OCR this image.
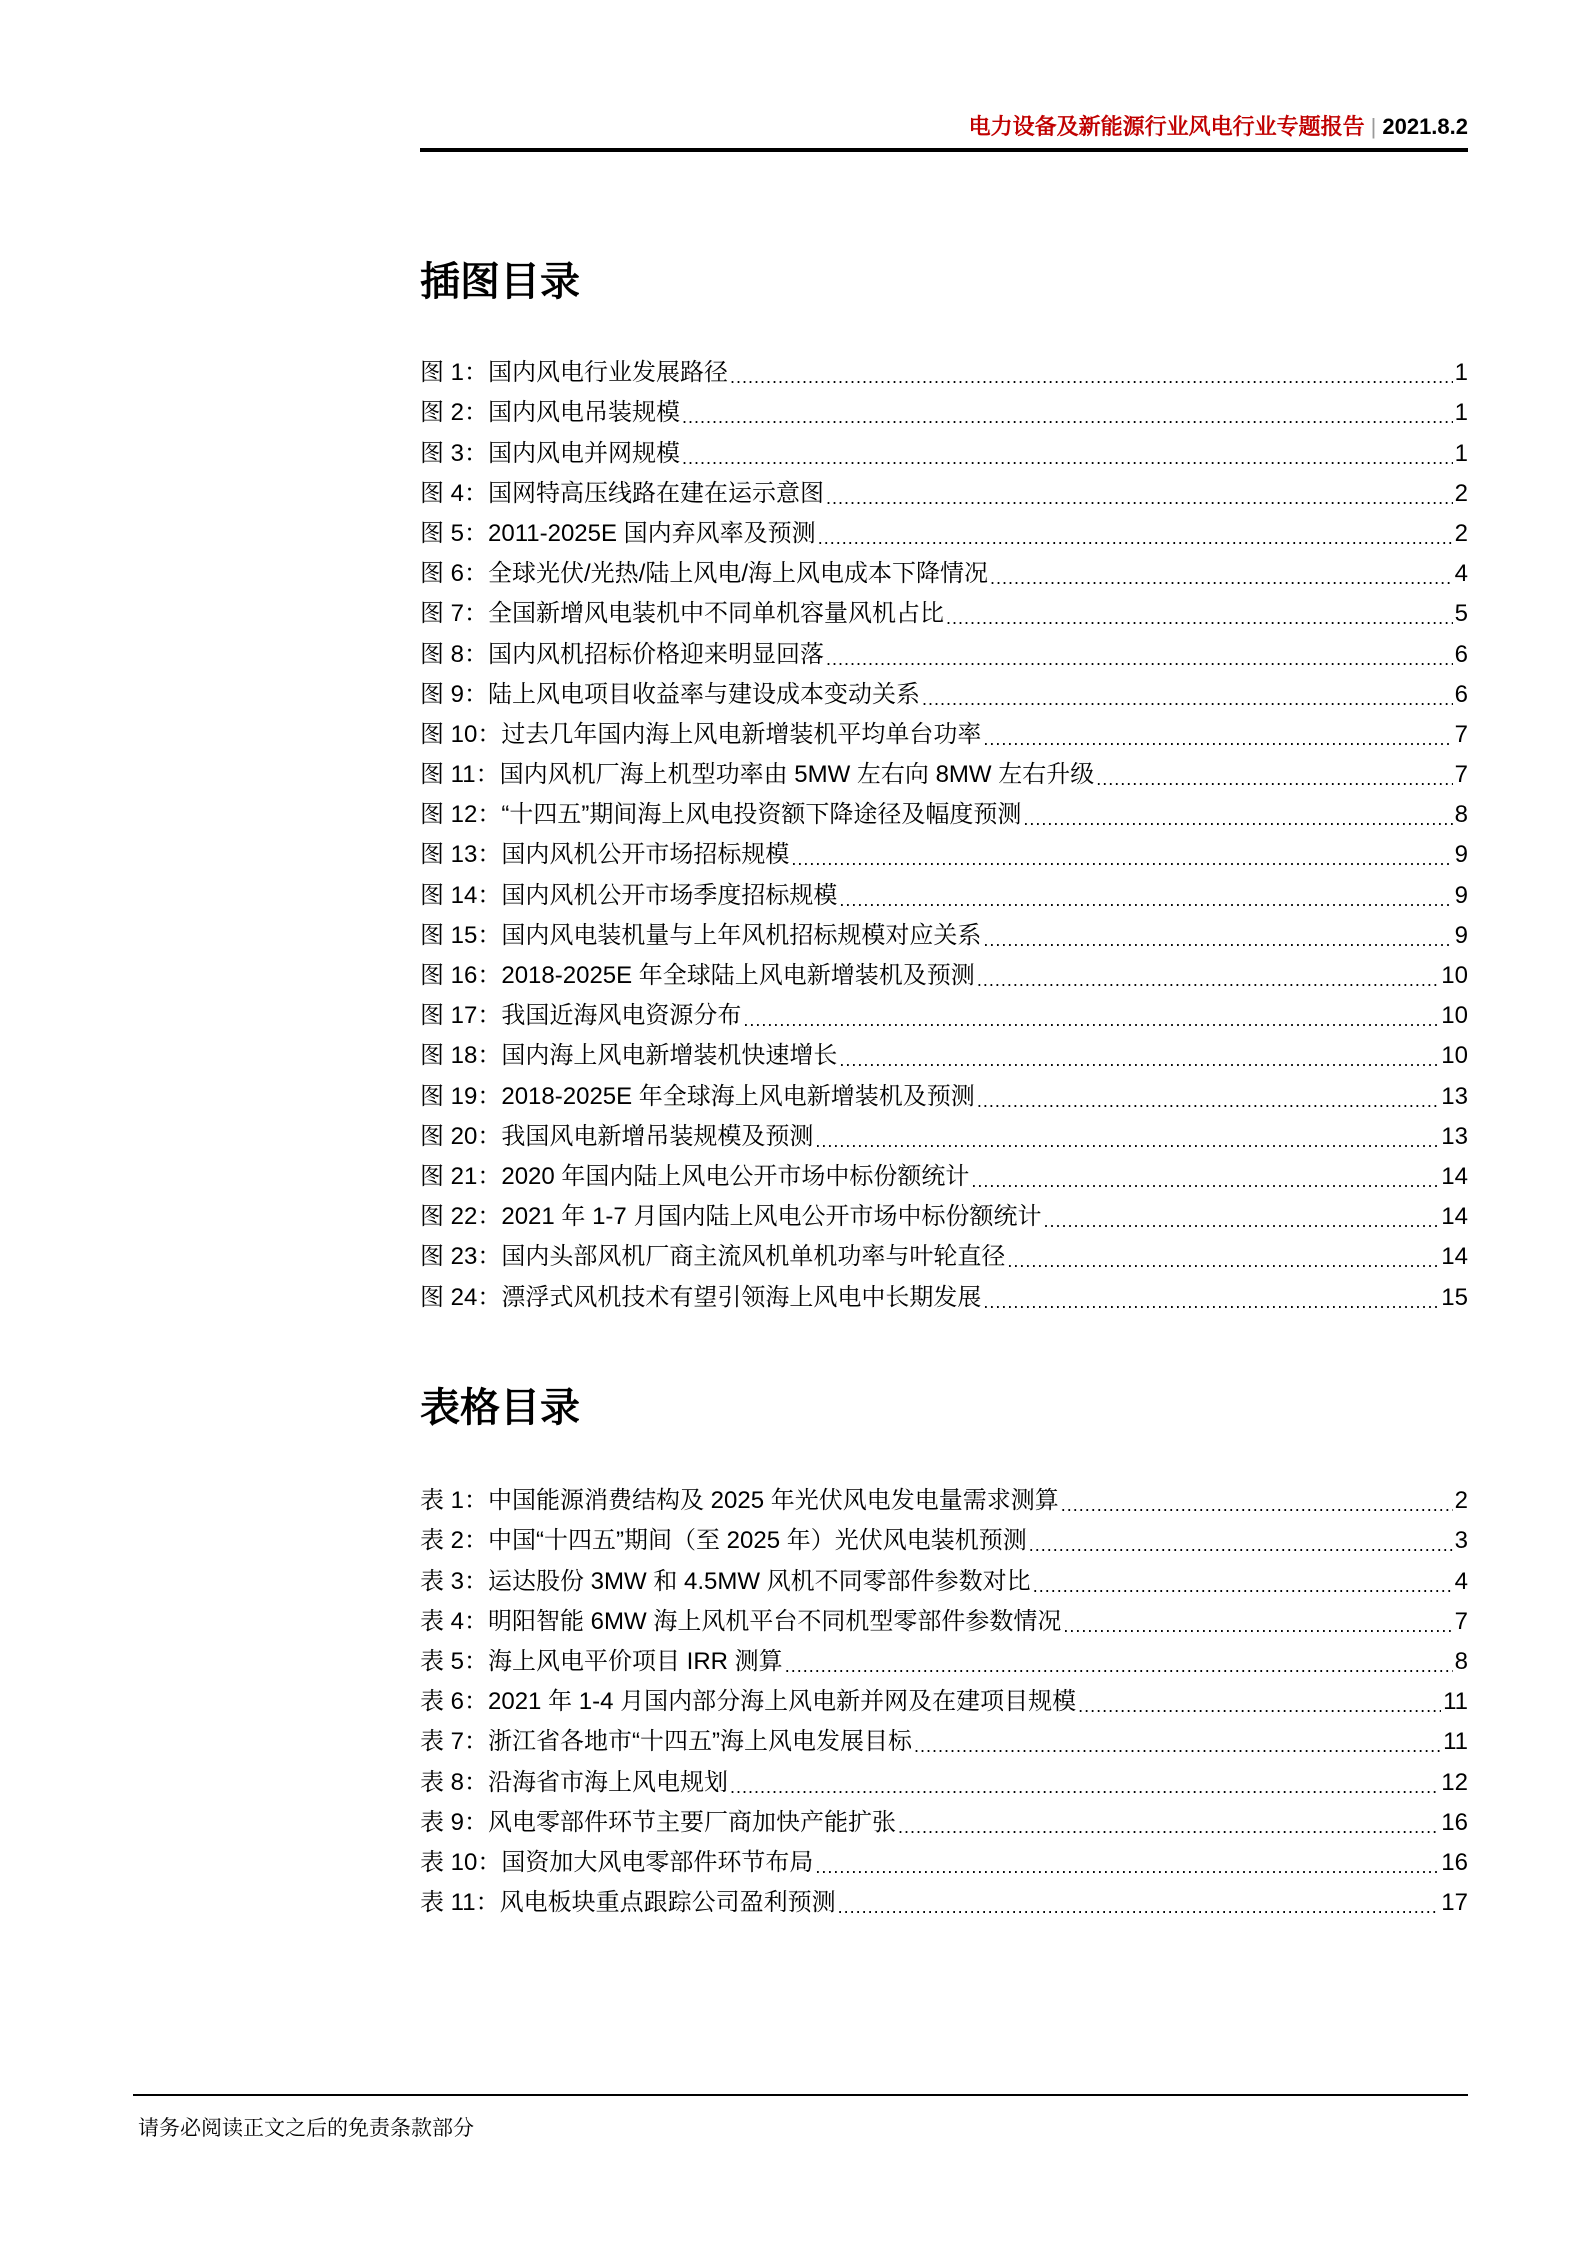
电力设备及新能源行业风电行业专题报告 | 2021.8.2
插图目录
图 1：国内风电行业发展路径 .....	1
图 2：国内风电吊装规模 .....	1
图 3：国内风电并网规模 .....	1
图 4：国网特高压线路在建在运示意图 .....	2
图 5：2011-2025E 国内弃风率及预测 .....	2
图 6：全球光伏/光热/陆上风电/海上风电成本下降情况 .....	4
图 7：全国新增风电装机中不同单机容量风机占比 .....	5
图 8：国内风机招标价格迎来明显回落 .....	6
图 9：陆上风电项目收益率与建设成本变动关系 .....	6
图 10：过去几年国内海上风电新增装机平均单台功率 .....	7
图 11：国内风机厂海上机型功率由 5MW 左右向 8MW 左右升级 .....	7
图 12：“十四五”期间海上风电投资额下降途径及幅度预测 .....	8
图 13：国内风机公开市场招标规模 .....	9
图 14：国内风机公开市场季度招标规模 .....	9
图 15：国内风电装机量与上年风机招标规模对应关系 .....	9
图 16：2018-2025E 年全球陆上风电新增装机及预测 .....	10
图 17：我国近海风电资源分布 .....	10
图 18：国内海上风电新增装机快速增长 .....	10
图 19：2018-2025E 年全球海上风电新增装机及预测 .....	13
图 20：我国风电新增吊装规模及预测 .....	13
图 21：2020 年国内陆上风电公开市场中标份额统计 .....	14
图 22：2021 年 1-7 月国内陆上风电公开市场中标份额统计 .....	14
图 23：国内头部风机厂商主流风机单机功率与叶轮直径 .....	14
图 24：漂浮式风机技术有望引领海上风电中长期发展 .....	15
表格目录
表 1：中国能源消费结构及 2025 年光伏风电发电量需求测算 .....	2
表 2：中国“十四五”期间（至 2025 年）光伏风电装机预测 .....	3
表 3：运达股份 3MW 和 4.5MW 风机不同零部件参数对比 .....	4
表 4：明阳智能 6MW 海上风机平台不同机型零部件参数情况 .....	7
表 5：海上风电平价项目 IRR 测算 .....	8
表 6：2021 年 1-4 月国内部分海上风电新并网及在建项目规模 .....	11
表 7：浙江省各地市“十四五”海上风电发展目标 .....	11
表 8：沿海省市海上风电规划 .....	12
表 9：风电零部件环节主要厂商加快产能扩张 .....	16
表 10：国资加大风电零部件环节布局 .....	16
表 11：风电板块重点跟踪公司盈利预测 .....	17
请务必阅读正文之后的免责条款部分
